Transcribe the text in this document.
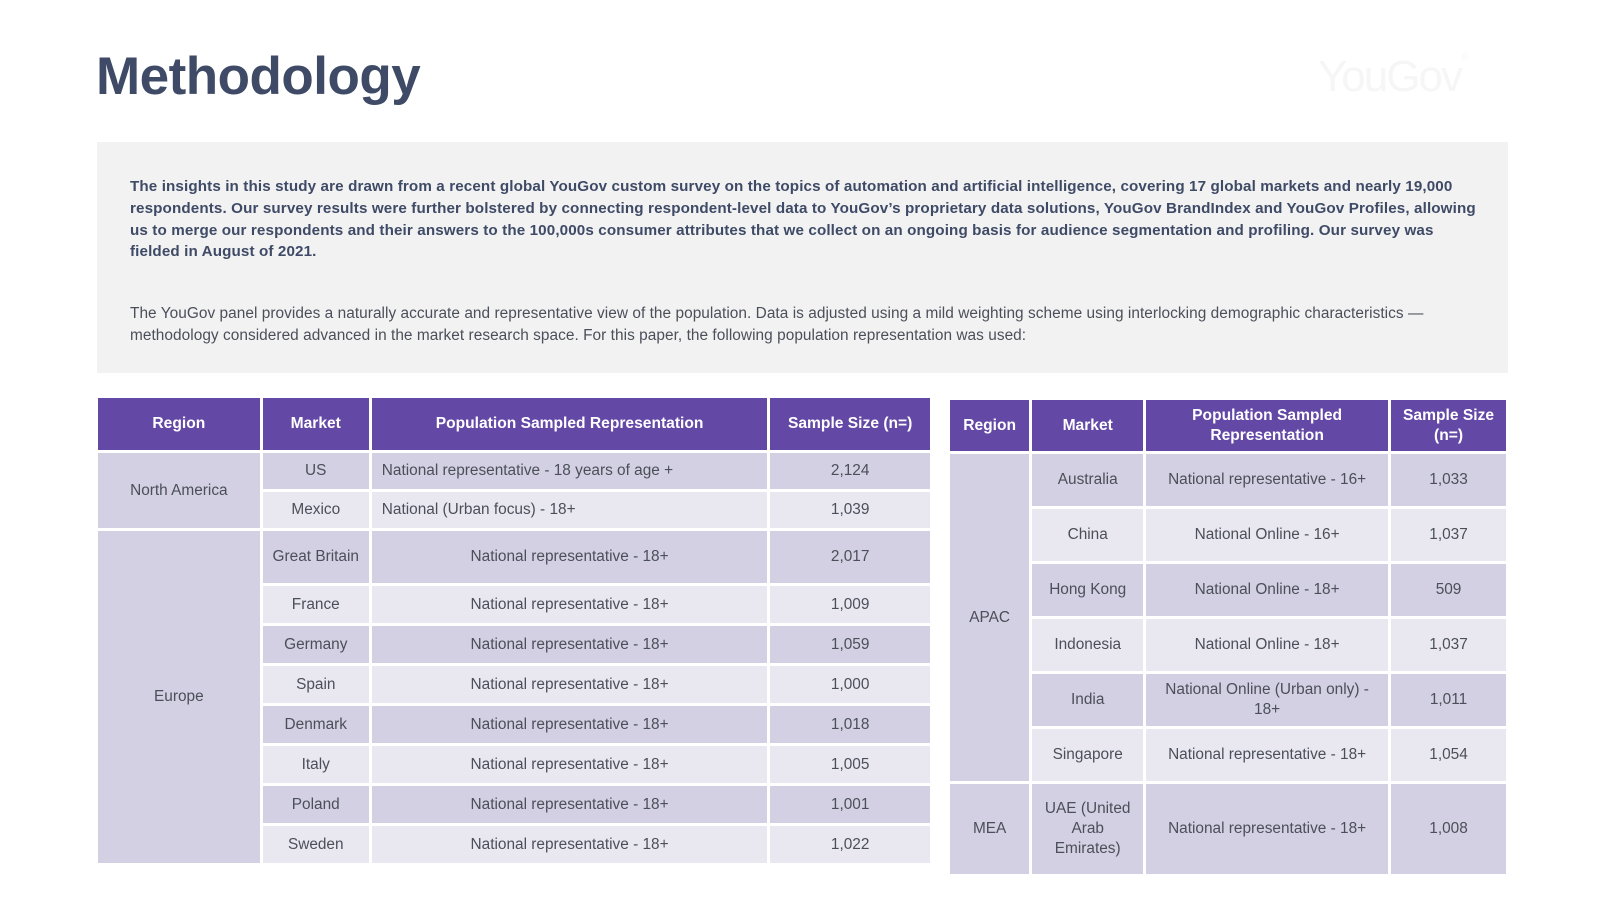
Methodology	YouGov®

The insights in this study are drawn from a recent global YouGov custom survey on the topics of automation and artificial intelligence, covering 17 global markets and nearly 19,000 respondents. Our survey results were further bolstered by connecting respondent-level data to YouGov’s proprietary data solutions, YouGov BrandIndex and YouGov Profiles, allowing us to merge our respondents and their answers to the 100,000s consumer attributes that we collect on an ongoing basis for audience segmentation and profiling. Our survey was fielded in August of 2021.

The YouGov panel provides a naturally accurate and representative view of the population. Data is adjusted using a mild weighting scheme using interlocking demographic characteristics — methodology considered advanced in the market research space. For this paper, the following population representation was used:

Region	Market	Population Sampled Representation	Sample Size (n=)
North America	US	National representative - 18 years of age +	2,124
	Mexico	National (Urban focus) - 18+	1,039
Europe	Great Britain	National representative - 18+	2,017
	France	National representative - 18+	1,009
	Germany	National representative - 18+	1,059
	Spain	National representative - 18+	1,000
	Denmark	National representative - 18+	1,018
	Italy	National representative - 18+	1,005
	Poland	National representative - 18+	1,001
	Sweden	National representative - 18+	1,022
Region	Market	Population Sampled Representation	Sample Size (n=)
APAC	Australia	National representative - 16+	1,033
	China	National Online - 16+	1,037
	Hong Kong	National Online - 18+	509
	Indonesia	National Online - 18+	1,037
	India	National Online (Urban only) - 18+	1,011
	Singapore	National representative - 18+	1,054
MEA	UAE (United Arab Emirates)	National representative - 18+	1,008
